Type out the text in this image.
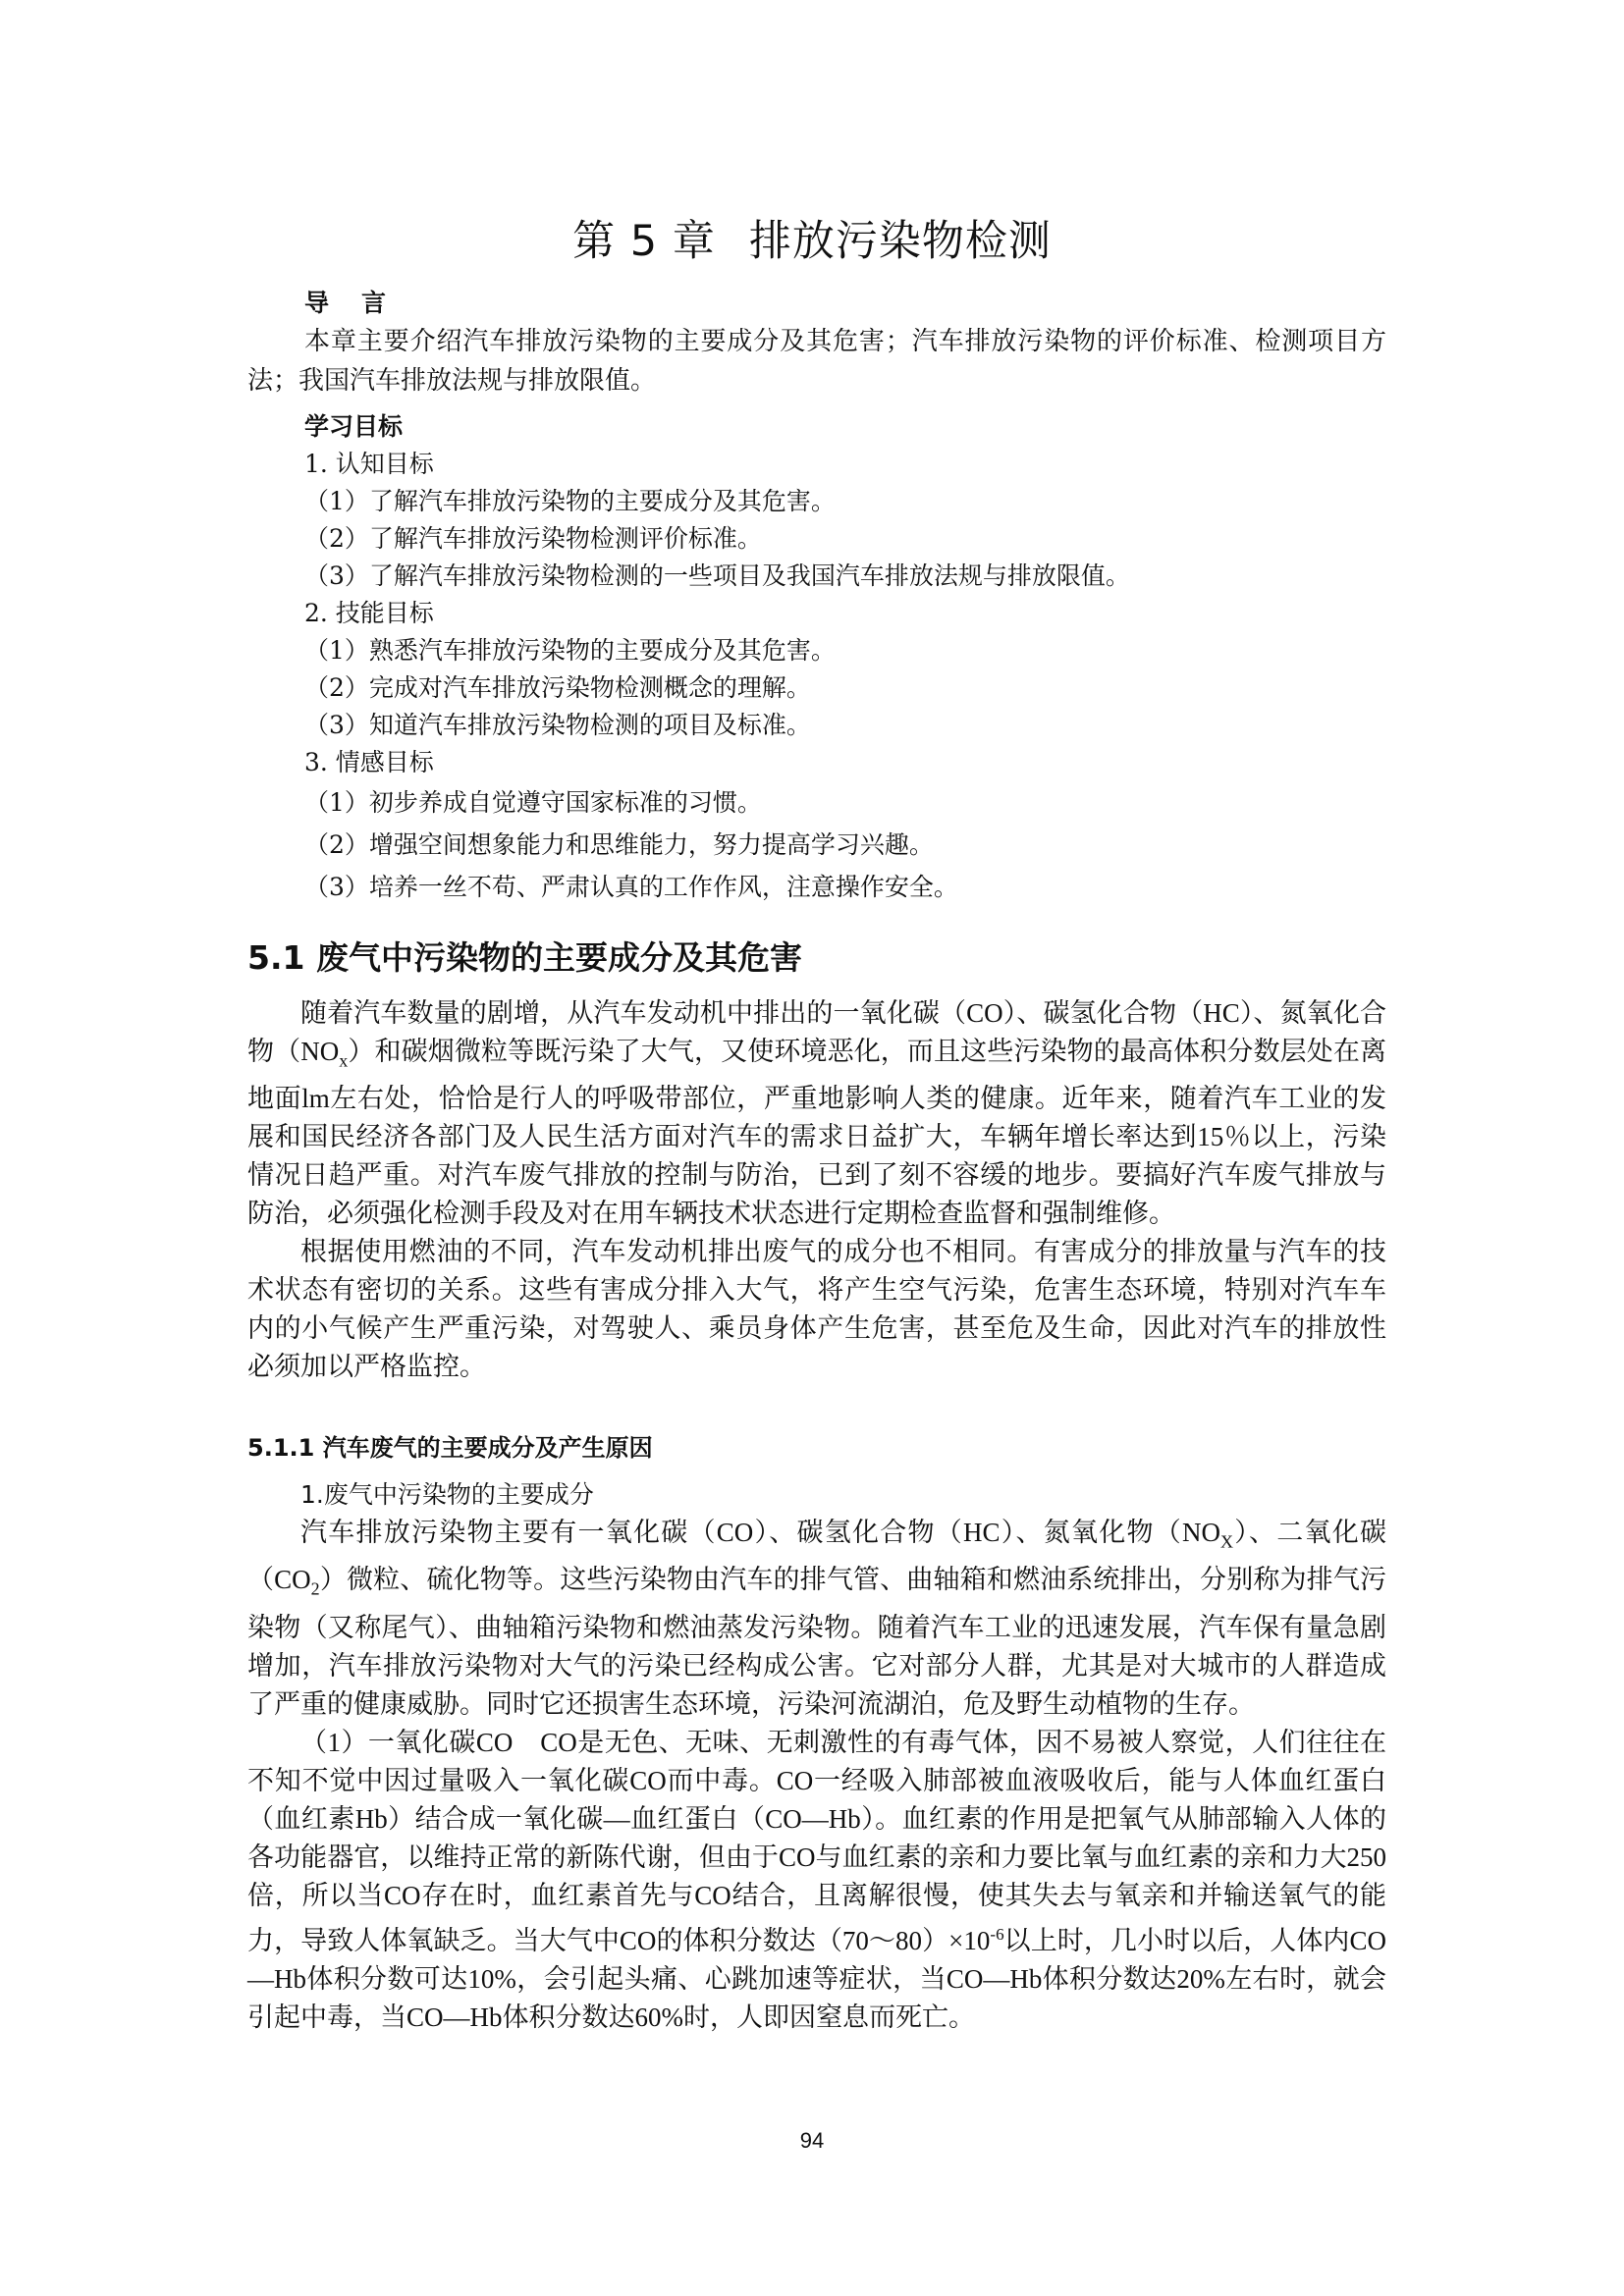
第 5 章 排放污染物检测
导　言

本章主要介绍汽车排放污染物的主要成分及其危害；汽车排放污染物的评价标准、检测项目方法；我国汽车排放法规与排放限值。

学习目标
1. 认知目标
（1）了解汽车排放污染物的主要成分及其危害。
（2）了解汽车排放污染物检测评价标准。
（3）了解汽车排放污染物检测的一些项目及我国汽车排放法规与排放限值。
2. 技能目标
（1）熟悉汽车排放污染物的主要成分及其危害。
（2）完成对汽车排放污染物检测概念的理解。
（3）知道汽车排放污染物检测的项目及标准。
3. 情感目标
（1）初步养成自觉遵守国家标准的习惯。
（2）增强空间想象能力和思维能力，努力提高学习兴趣。
（3）培养一丝不苟、严肃认真的工作作风，注意操作安全。
5.1 废气中污染物的主要成分及其危害

随着汽车数量的剧增，从汽车发动机中排出的一氧化碳（CO）、碳氢化合物（HC）、氮氧化合物$(NO_x)$和碳烟微粒等既污染了大气，又使环境恶化，而且这些污染物的最高体积分数层处在离地面lm左右处，恰恰是行人的呼吸带部位，严重地影响人类的健康。近年来，随着汽车工业的发展和国民经济各部门及人民生活方面对汽车的需求日益扩大，车辆年增长率达到15％以上，污染情况日趋严重。对汽车废气排放的控制与防治，已到了刻不容缓的地步。要搞好汽车废气排放与防治，必须强化检测手段及对在用车辆技术状态进行定期检查监督和强制维修。

根据使用燃油的不同，汽车发动机排出废气的成分也不相同。有害成分的排放量与汽车的技术状态有密切的关系。这些有害成分排入大气，将产生空气污染，危害生态环境，特别对汽车车内的小气候产生严重污染，对驾驶人、乘员身体产生危害，甚至危及生命，因此对汽车的排放性必须加以严格监控。

5.1.1 汽车废气的主要成分及产生原因
1.废气中污染物的主要成分

汽车排放污染物主要有一氧化碳（CO）、碳氢化合物（HC）、氮氧化物$(NO_X)$、二氧化碳$(CO_2)$微粒、硫化物等。这些污染物由汽车的排气管、曲轴箱和燃油系统排出，分别称为排气污染物（又称尾气）、曲轴箱污染物和燃油蒸发污染物。随着汽车工业的迅速发展，汽车保有量急剧增加，汽车排放污染物对大气的污染已经构成公害。它对部分人群，尤其是对大城市的人群造成了严重的健康威胁。同时它还损害生态环境，污染河流湖泊，危及野生动植物的生存。

（1）一氧化碳CO　CO是无色、无味、无刺激性的有毒气体，因不易被人察觉，人们往往在不知不觉中因过量吸入一氧化碳CO而中毒。CO一经吸入肺部被血液吸收后，能与人体血红蛋白（血红素Hb）结合成一氧化碳—血红蛋白（CO—Hb）。血红素的作用是把氧气从肺部输入人体的各功能器官，以维持正常的新陈代谢，但由于CO与血红素的亲和力要比氧与血红素的亲和力大250倍，所以当CO存在时，血红素首先与CO结合，且离解很慢，使其失去与氧亲和并输送氧气的能力，导致人体氧缺乏。当大气中CO的体积分数达$(70\sim 80)\times 10^{-6}$以上时，几小时以后，人体内CO—Hb体积分数可达10%，会引起头痛、心跳加速等症状，当CO—Hb体积分数达20%左右时，就会引起中毒，当CO—Hb体积分数达60%时，人即因窒息而死亡。

94
